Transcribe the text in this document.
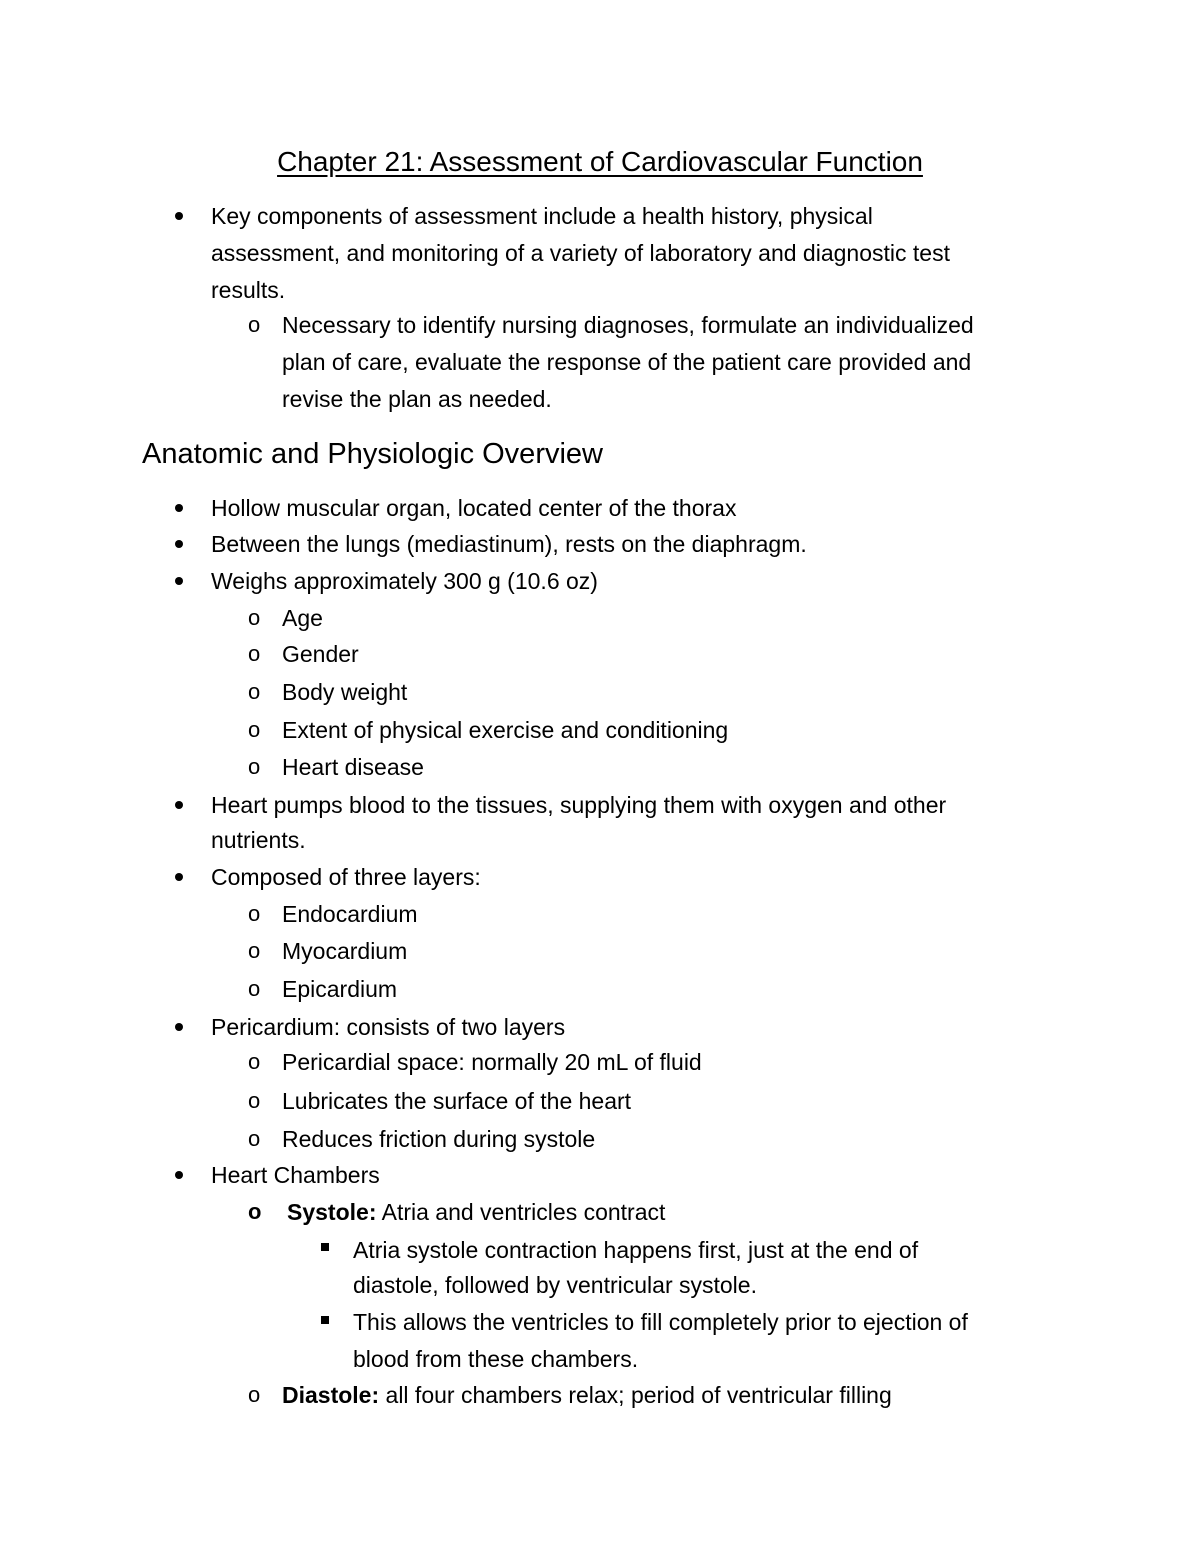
Chapter 21: Assessment of Cardiovascular Function
Key components of assessment include a health history, physical
assessment, and monitoring of a variety of laboratory and diagnostic test
results.
o Necessary to identify nursing diagnoses, formulate an individualized
plan of care, evaluate the response of the patient care provided and
revise the plan as needed.
Anatomic and Physiologic Overview
Hollow muscular organ, located center of the thorax
Between the lungs (mediastinum), rests on the diaphragm.
Weighs approximately 300 g (10.6 oz)
o Age
o Gender
o Body weight
o Extent of physical exercise and conditioning
o Heart disease
Heart pumps blood to the tissues, supplying them with oxygen and other
nutrients.
Composed of three layers:
o Endocardium
o Myocardium
o Epicardium
Pericardium: consists of two layers
o Pericardial space: normally 20 mL of fluid
o Lubricates the surface of the heart
o Reduces friction during systole
Heart Chambers
o Systole: Atria and ventricles contract
Atria systole contraction happens first, just at the end of
diastole, followed by ventricular systole.
This allows the ventricles to fill completely prior to ejection of
blood from these chambers.
o Diastole: all four chambers relax; period of ventricular filling
